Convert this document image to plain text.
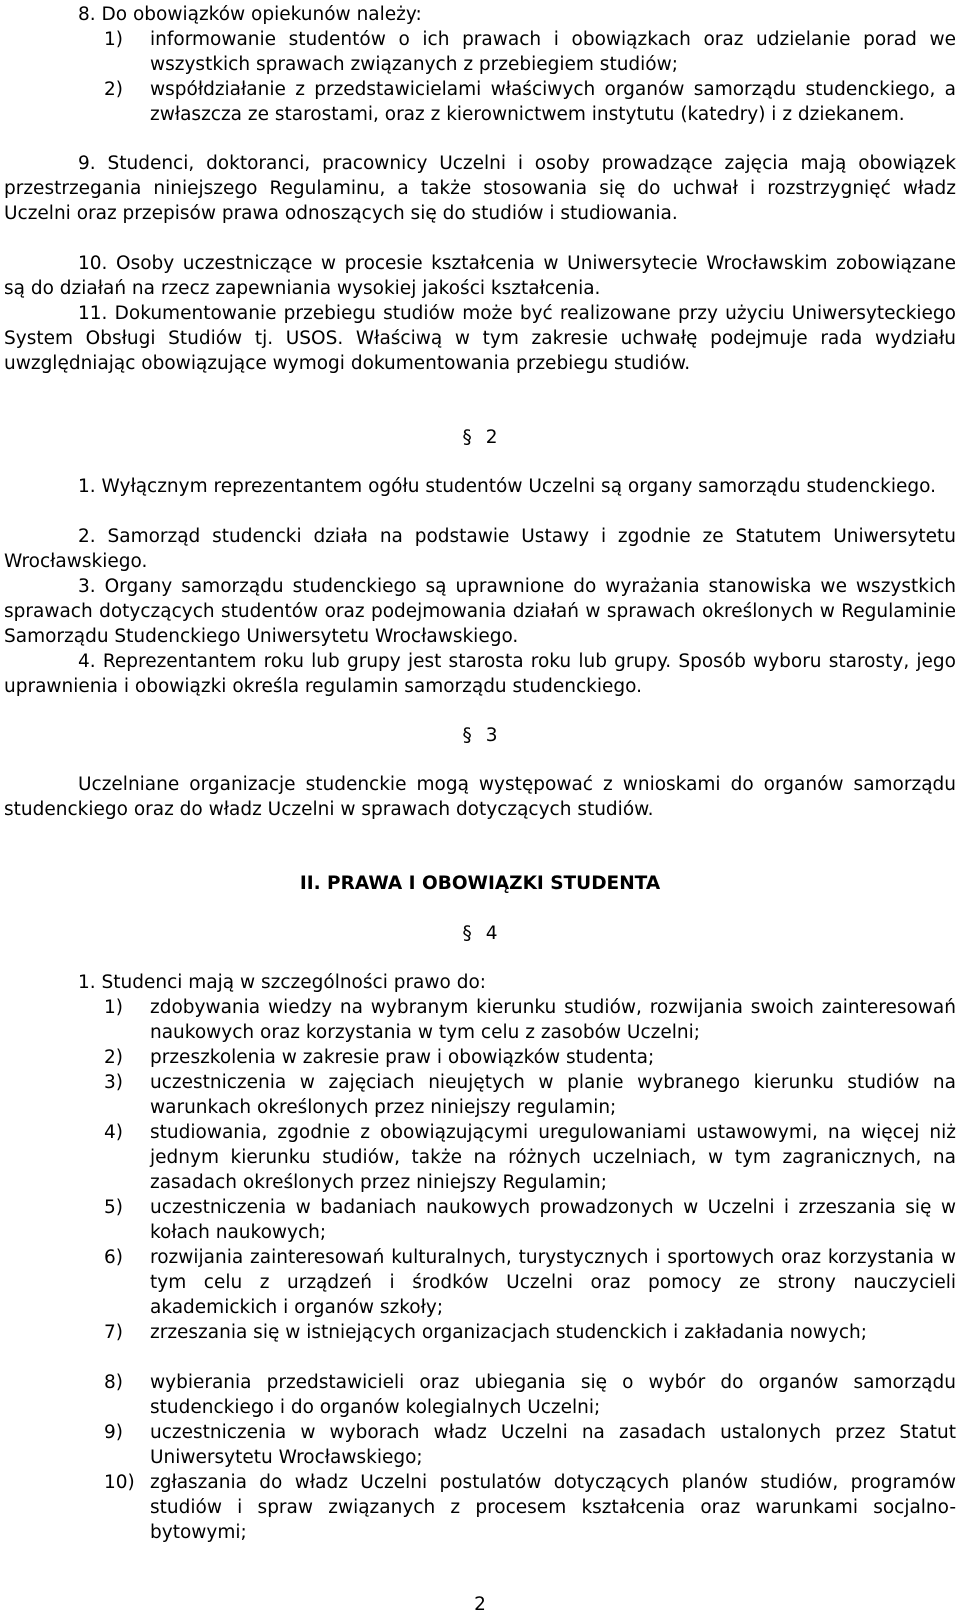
8. Do obowiązków opiekunów należy:

1) informowanie studentów o ich prawach i obowiązkach oraz udzielanie porad we wszystkich sprawach związanych z przebiegiem studiów;
2) współdziałanie z przedstawicielami właściwych organów samorządu studenckiego, a zwłaszcza ze starostami, oraz z kierownictwem instytutu (katedry) i z dziekanem.

9. Studenci, doktoranci, pracownicy Uczelni i osoby prowadzące zajęcia mają obowiązek przestrzegania niniejszego Regulaminu, a także stosowania się do uchwał i rozstrzygnięć władz Uczelni oraz przepisów prawa odnoszących się do studiów i studiowania.

10. Osoby uczestniczące w procesie kształcenia w Uniwersytecie Wrocławskim zobowiązane są do działań na rzecz zapewniania wysokiej jakości kształcenia.

11. Dokumentowanie przebiegu studiów może być realizowane przy użyciu Uniwersyteckiego System Obsługi Studiów tj. USOS. Właściwą w tym zakresie uchwałę podejmuje rada wydziału uwzględniając obowiązujące wymogi dokumentowania przebiegu studiów.

§ 2

1. Wyłącznym reprezentantem ogółu studentów Uczelni są organy samorządu studenckiego.

2. Samorząd studencki działa na podstawie Ustawy i zgodnie ze Statutem Uniwersytetu Wrocławskiego.

3. Organy samorządu studenckiego są uprawnione do wyrażania stanowiska we wszystkich sprawach dotyczących studentów oraz podejmowania działań w sprawach określonych w Regulaminie Samorządu Studenckiego Uniwersytetu Wrocławskiego.

4. Reprezentantem roku lub grupy jest starosta roku lub grupy. Sposób wyboru starosty, jego uprawnienia i obowiązki określa regulamin samorządu studenckiego.

§ 3

Uczelniane organizacje studenckie mogą występować z wnioskami do organów samorządu studenckiego oraz do władz Uczelni w sprawach dotyczących studiów.

II. PRAWA I OBOWIĄZKI STUDENTA
§ 4

1. Studenci mają w szczególności prawo do:

1) zdobywania wiedzy na wybranym kierunku studiów, rozwijania swoich zainteresowań naukowych oraz korzystania w tym celu z zasobów Uczelni;
2) przeszkolenia w zakresie praw i obowiązków studenta;
3) uczestniczenia w zajęciach nieujętych w planie wybranego kierunku studiów na warunkach określonych przez niniejszy regulamin;
4) studiowania, zgodnie z obowiązującymi uregulowaniami ustawowymi, na więcej niż jednym kierunku studiów, także na różnych uczelniach, w tym zagranicznych, na zasadach określonych przez niniejszy Regulamin;
5) uczestniczenia w badaniach naukowych prowadzonych w Uczelni i zrzeszania się w kołach naukowych;
6) rozwijania zainteresowań kulturalnych, turystycznych i sportowych oraz korzystania w tym celu z urządzeń i środków Uczelni oraz pomocy ze strony nauczycieli akademickich i organów szkoły;
7) zrzeszania się w istniejących organizacjach studenckich i zakładania nowych;
8) wybierania przedstawicieli oraz ubiegania się o wybór do organów samorządu studenckiego i do organów kolegialnych Uczelni;
9) uczestniczenia w wyborach władz Uczelni na zasadach ustalonych przez Statut Uniwersytetu Wrocławskiego;
10) zgłaszania do władz Uczelni postulatów dotyczących planów studiów, programów studiów i spraw związanych z procesem kształcenia oraz warunkami socjalno-bytowymi;
2
